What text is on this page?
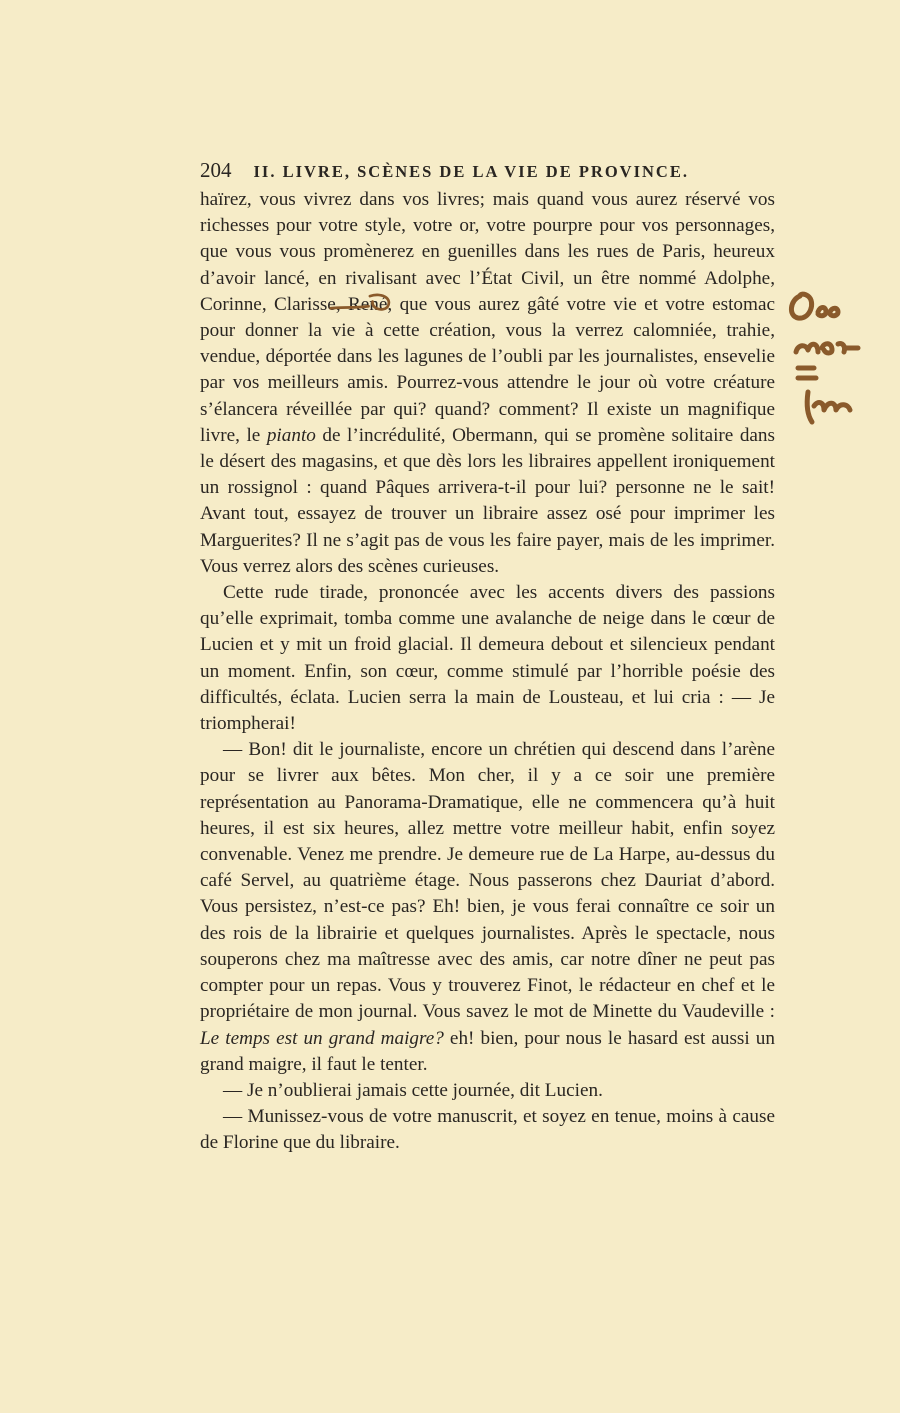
204 II. LIVRE, SCÈNES DE LA VIE DE PROVINCE.

haïrez, vous vivrez dans vos livres; mais quand vous aurez réservé vos richesses pour votre style, votre or, votre pourpre pour vos personnages, que vous vous promènerez en guenilles dans les rues de Paris, heureux d’avoir lancé, en rivalisant avec l’État Civil, un être nommé Adolphe, Corinne, Clarisse, René
, que vous aurez gâté votre vie et votre estomac pour donner la vie à cette création, vous la verrez calomniée, trahie, vendue, déportée dans les lagunes de l’oubli par les journalistes, ensevelie par vos meilleurs amis. Pourrez-vous attendre le jour où votre créature s’élancera réveillée par qui? quand? comment? Il existe un magnifique livre, le pianto de l’incrédulité, Obermann, qui se promène solitaire dans le désert des magasins, et que dès lors les libraires appellent ironiquement un rossignol : quand Pâques arrivera-t-il pour lui? personne ne le sait! Avant tout, essayez de trouver un libraire assez osé pour imprimer les Marguerites? Il ne s’agit pas de vous les faire payer, mais de les imprimer. Vous verrez alors des scènes curieuses.

Cette rude tirade, prononcée avec les accents divers des passions qu’elle exprimait, tomba comme une avalanche de neige dans le cœur de Lucien et y mit un froid glacial. Il demeura debout et silencieux pendant un moment. Enfin, son cœur, comme stimulé par l’horrible poésie des difficultés, éclata. Lucien serra la main de Lousteau, et lui cria : — Je triompherai!

— Bon! dit le journaliste, encore un chrétien qui descend dans l’arène pour se livrer aux bêtes. Mon cher, il y a ce soir une première représentation au Panorama-Dramatique, elle ne commencera qu’à huit heures, il est six heures, allez mettre votre meilleur habit, enfin soyez convenable. Venez me prendre. Je demeure rue de La Harpe, au-dessus du café Servel, au quatrième étage. Nous passerons chez Dauriat d’abord. Vous persistez, n’est-ce pas? Eh! bien, je vous ferai connaître ce soir un des rois de la librairie et quelques journalistes. Après le spectacle, nous souperons chez ma maîtresse avec des amis, car notre dîner ne peut pas compter pour un repas. Vous y trouverez Finot, le rédacteur en chef et le propriétaire de mon journal. Vous savez le mot de Minette du Vaudeville : Le temps est un grand maigre? eh! bien, pour nous le hasard est aussi un grand maigre, il faut le tenter.

— Je n’oublierai jamais cette journée, dit Lucien.

— Munissez-vous de votre manuscrit, et soyez en tenue, moins à cause de Florine que du libraire.
